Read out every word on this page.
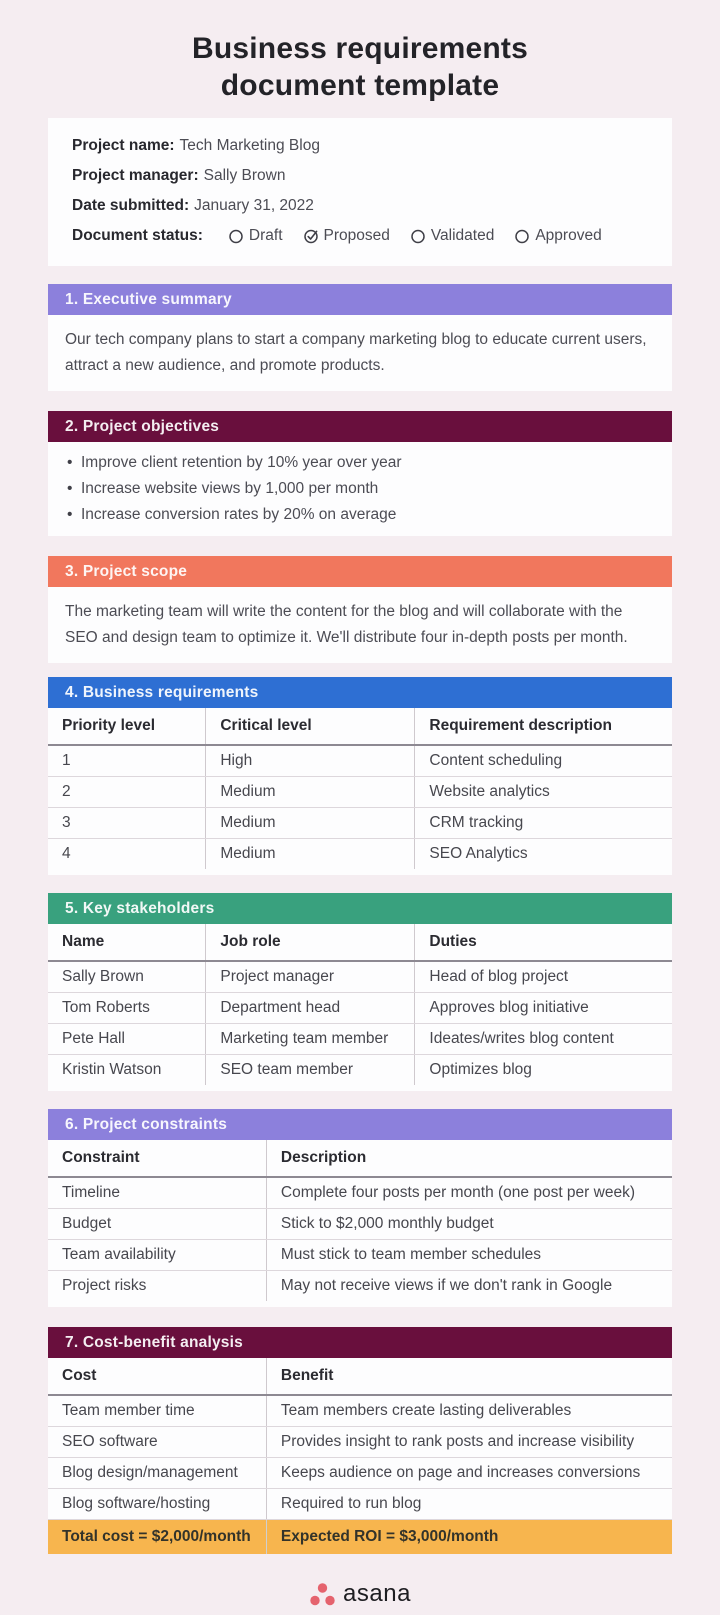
Business requirements
document template
Project name: Tech Marketing Blog
Project manager: Sally Brown
Date submitted: January 31, 2022
Document status:	Draft	Proposed	Validated	Approved
1. Executive summary
Our tech company plans to start a company marketing blog to educate current users, attract a new audience, and promote products.
2. Project objectives
• Improve client retention by 10% year over year
• Increase website views by 1,000 per month
• Increase conversion rates by 20% on average
3. Project scope
The marketing team will write the content for the blog and will collaborate with the SEO and design team to optimize it. We'll distribute four in-depth posts per month.
4. Business requirements
Priority level	Critical level	Requirement description
1	High	Content scheduling
2	Medium	Website analytics
3	Medium	CRM tracking
4	Medium	SEO Analytics
5. Key stakeholders
Name	Job role	Duties
Sally Brown	Project manager	Head of blog project
Tom Roberts	Department head	Approves blog initiative
Pete Hall	Marketing team member	Ideates/writes blog content
Kristin Watson	SEO team member	Optimizes blog
6. Project constraints
Constraint	Description
Timeline	Complete four posts per month (one post per week)
Budget	Stick to $2,000 monthly budget
Team availability	Must stick to team member schedules
Project risks	May not receive views if we don't rank in Google
7. Cost-benefit analysis
Cost	Benefit
Team member time	Team members create lasting deliverables
SEO software	Provides insight to rank posts and increase visibility
Blog design/management	Keeps audience on page and increases conversions
Blog software/hosting	Required to run blog
Total cost = $2,000/month	Expected ROI = $3,000/month
asana
